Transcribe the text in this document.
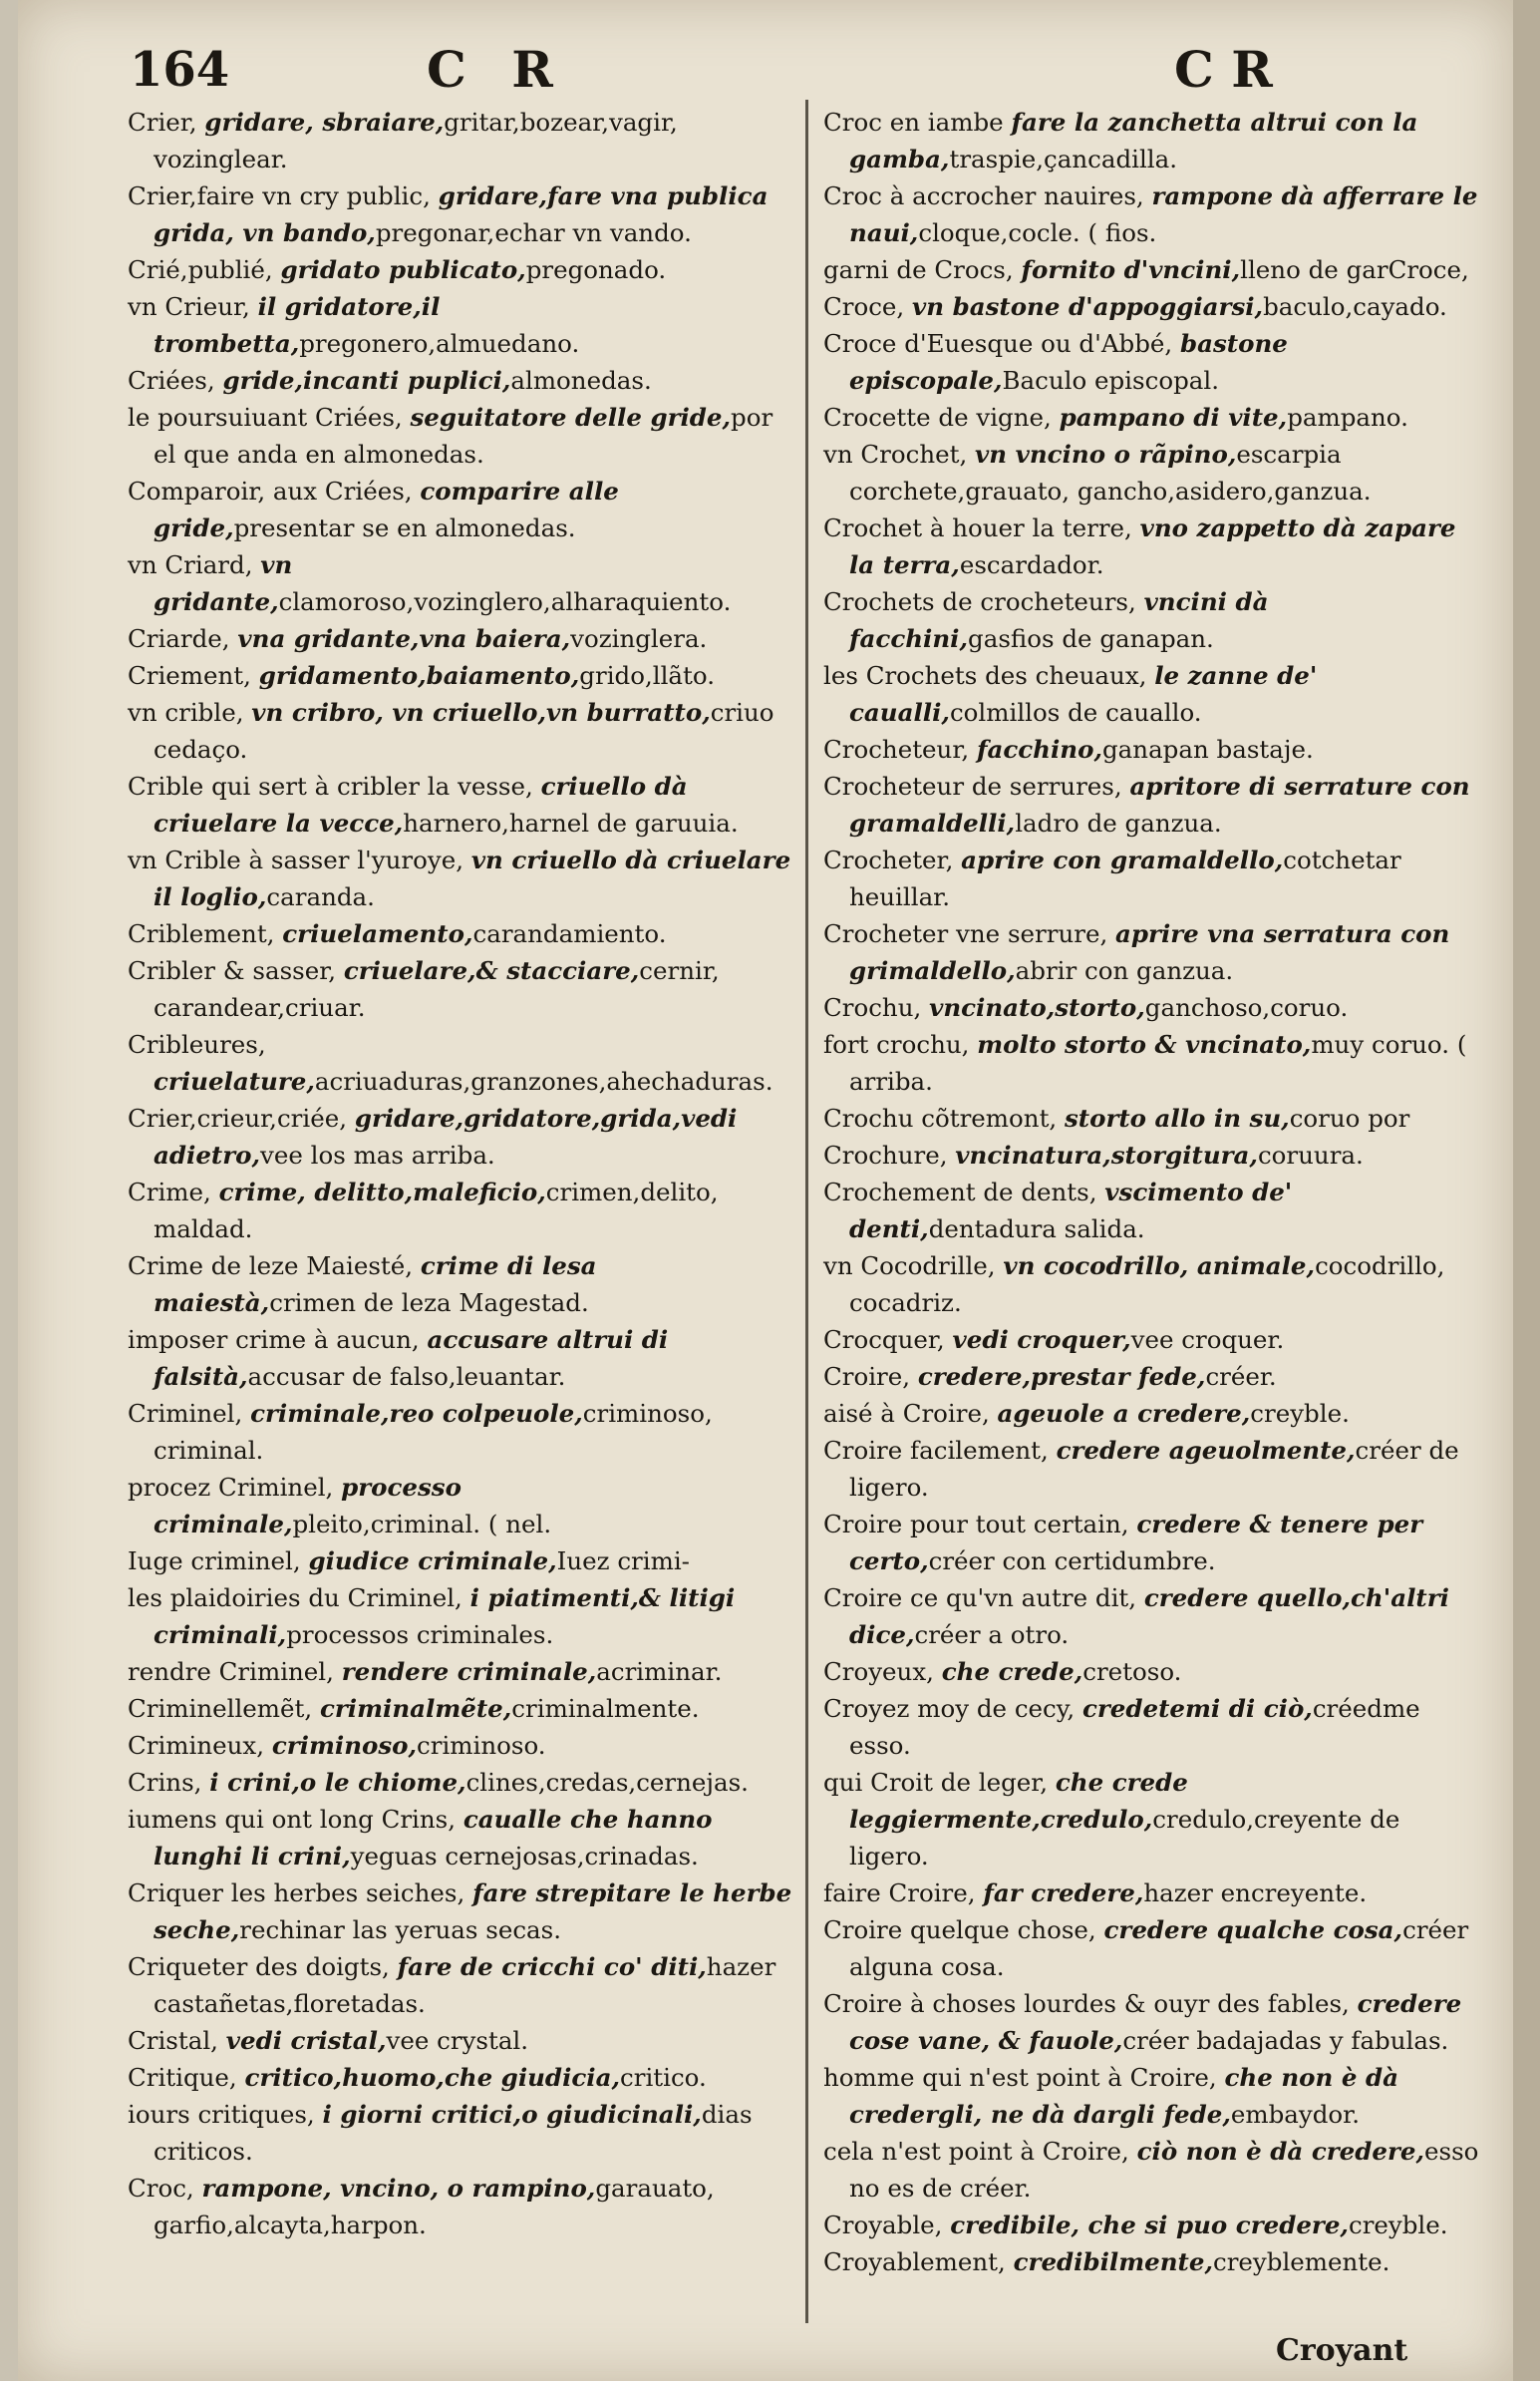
164	C R	C R

Crier, gridare, sbraiare,gritar,bozear,vagir, vozinglear.

Crier,faire vn cry public, gridare,fare vna publica grida, vn bando,pregonar,echar vn vando.

Crié,publié, gridato publicato,pregonado.

vn Crieur, il gridatore,il trombetta,pregonero,almuedano.

Criées, gride,incanti puplici,almonedas.

le poursuiuant Criées, seguitatore delle gride,por el que anda en almonedas.

Comparoir, aux Criées, comparire alle gride,presentar se en almonedas.

vn Criard, vn gridante,clamoroso,vozinglero,alharaquiento.

Criarde, vna gridante,vna baiera,vozinglera.

Criement, gridamento,baiamento,grido,llãto.

vn crible, vn cribro, vn criuello,vn burratto,criuo cedaço.

Crible qui sert à cribler la vesse, criuello dà criuelare la vecce,harnero,harnel de garuuia.

vn Crible à sasser l'yuroye, vn criuello dà criuelare il loglio,caranda.

Criblement, criuelamento,carandamiento.

Cribler & sasser, criuelare,& stacciare,cernir, carandear,criuar.

Cribleures, criuelature,acriuaduras,granzones,ahechaduras.

Crier,crieur,criée, gridare,gridatore,grida,vedi adietro,vee los mas arriba.

Crime, crime, delitto,maleficio,crimen,delito, maldad.

Crime de leze Maiesté, crime di lesa maiestà,crimen de leza Magestad.

imposer crime à aucun, accusare altrui di falsità,accusar de falso,leuantar.

Criminel, criminale,reo colpeuole,criminoso, criminal.

procez Criminel, processo criminale,pleito,criminal. ( nel.

Iuge criminel, giudice criminale,Iuez crimi-

les plaidoiries du Criminel, i piatimenti,& litigi criminali,processos criminales.

rendre Criminel, rendere criminale,acriminar.

Criminellemẽt, criminalmẽte,criminalmente.

Crimineux, criminoso,criminoso.

Crins, i crini,o le chiome,clines,credas,cernejas.

iumens qui ont long Crins, caualle che hanno lunghi li crini,yeguas cernejosas,crinadas.

Criquer les herbes seiches, fare strepitare le herbe seche,rechinar las yeruas secas.

Criqueter des doigts, fare de cricchi co' diti,hazer castañetas,floretadas.

Cristal, vedi cristal,vee crystal.

Critique, critico,huomo,che giudicia,critico.

iours critiques, i giorni critici,o giudicinali,dias criticos.

Croc, rampone, vncino, o rampino,garauato, garfio,alcayta,harpon.

Croc en iambe fare la zanchetta altrui con la gamba,traspie,çancadilla.

Croc à accrocher nauires, rampone dà afferrare le naui,cloque,cocle. ( fios.

garni de Crocs, fornito d'vncini,lleno de garCroce,

Croce, vn bastone d'appoggiarsi,baculo,cayado.

Croce d'Euesque ou d'Abbé, bastone episcopale,Baculo episcopal.

Crocette de vigne, pampano di vite,pampano.

vn Crochet, vn vncino o rãpino,escarpia corchete,grauato, gancho,asidero,ganzua.

Crochet à houer la terre, vno zappetto dà zapare la terra,escardador.

Crochets de crocheteurs, vncini dà facchini,gasfios de ganapan.

les Crochets des cheuaux, le zanne de' caualli,colmillos de cauallo.

Crocheteur, facchino,ganapan bastaje.

Crocheteur de serrures, apritore di serrature con gramaldelli,ladro de ganzua.

Crocheter, aprire con gramaldello,cotchetar heuillar.

Crocheter vne serrure, aprire vna serratura con grimaldello,abrir con ganzua.

Crochu, vncinato,storto,ganchoso,coruo.

fort crochu, molto storto & vncinato,muy coruo. ( arriba.

Crochu cõtremont, storto allo in su,coruo por

Crochure, vncinatura,storgitura,coruura.

Crochement de dents, vscimento de' denti,dentadura salida.

vn Cocodrille, vn cocodrillo, animale,cocodrillo, cocadriz.

Crocquer, vedi croquer,vee croquer.

Croire, credere,prestar fede,créer.

aisé à Croire, ageuole a credere,creyble.

Croire facilement, credere ageuolmente,créer de ligero.

Croire pour tout certain, credere & tenere per certo,créer con certidumbre.

Croire ce qu'vn autre dit, credere quello,ch'altri dice,créer a otro.

Croyeux, che crede,cretoso.

Croyez moy de cecy, credetemi di ciò,créedme esso.

qui Croit de leger, che crede leggiermente,credulo,credulo,creyente de ligero.

faire Croire, far credere,hazer encreyente.

Croire quelque chose, credere qualche cosa,créer alguna cosa.

Croire à choses lourdes & ouyr des fables, credere cose vane, & fauole,créer badajadas y fabulas.

homme qui n'est point à Croire, che non è dà credergli, ne dà dargli fede,embaydor.

cela n'est point à Croire, ciò non è dà credere,esso no es de créer.

Croyable, credibile, che si puo credere,creyble.

Croyablement, credibilmente,creyblemente.

Croyant
